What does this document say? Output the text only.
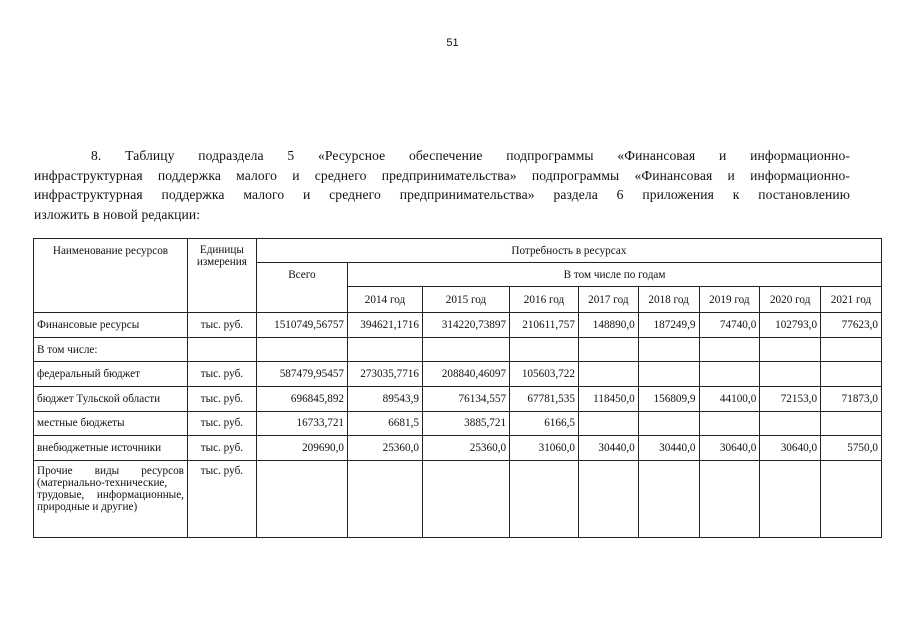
51
8. Таблицу подраздела 5 «Ресурсное обеспечение подпрограммы «Финансовая и информационно-
инфраструктурная поддержка малого и среднего предпринимательства» подпрограммы «Финансовая и информационно-
инфраструктурная поддержка малого и среднего предпринимательства» раздела 6 приложения к постановлению
изложить в новой редакции:
Наименование ресурсов	Единицы измерения	Потребность в ресурсах								
		Всего	В том числе по годам							
			2014 год	2015 год	2016 год	2017 год	2018 год	2019 год	2020 год	2021 год
Финансовые ресурсы	тыс. руб.	1510749,56757	394621,1716	314220,73897	210611,757	148890,0	187249,9	74740,0	102793,0	77623,0
В том числе:										
федеральный бюджет	тыс. руб.	587479,95457	273035,7716	208840,46097	105603,722					
бюджет Тульской области	тыс. руб.	696845,892	89543,9	76134,557	67781,535	118450,0	156809,9	44100,0	72153,0	71873,0
местные бюджеты	тыс. руб.	16733,721	6681,5	3885,721	6166,5					
внебюджетные источники	тыс. руб.	209690,0	25360,0	25360,0	31060,0	30440,0	30440,0	30640,0	30640,0	5750,0
Прочие виды ресурсов (материально-технические, трудовые, информационные, природные и другие)	тыс. руб.									
